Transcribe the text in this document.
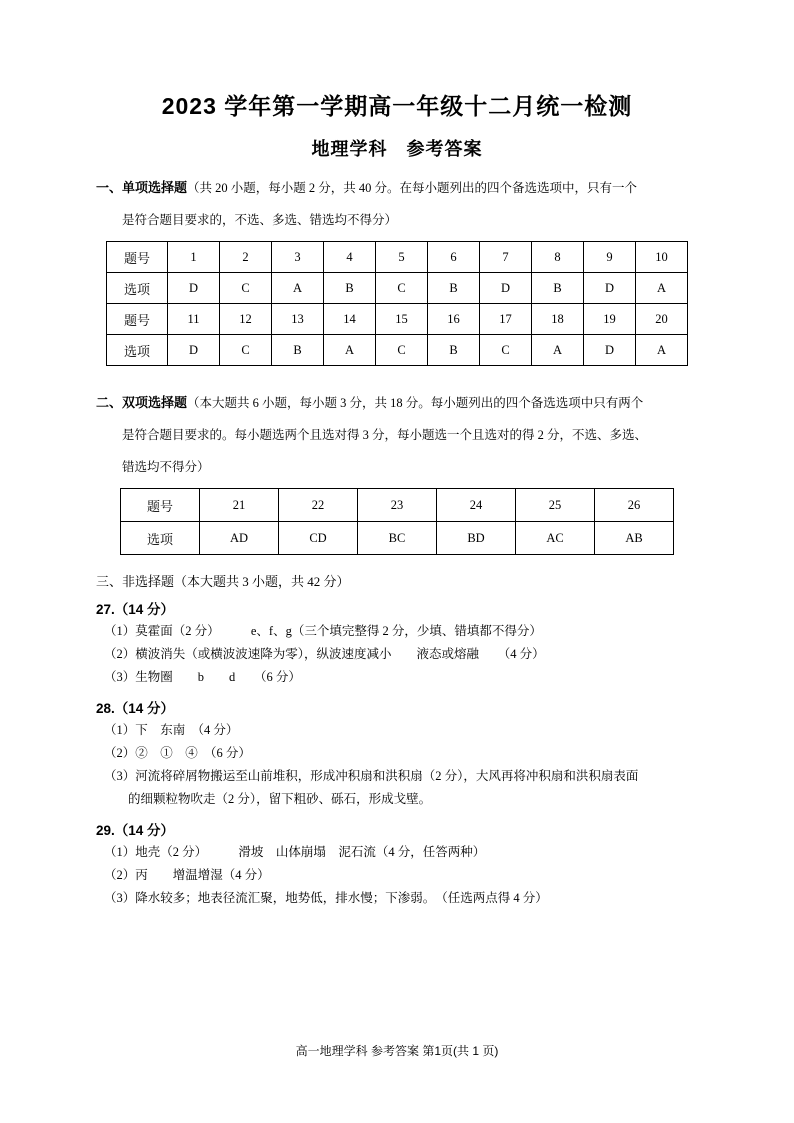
2023 学年第一学期高一年级十二月统一检测
地理学科　参考答案
一、单项选择题（共 20 小题，每小题 2 分，共 40 分。在每小题列出的四个备选选项中，只有一个
是符合题目要求的，不选、多选、错选均不得分）
题号	1	2	3	4	5	6	7	8	9	10
选项	D	C	A	B	C	B	D	B	D	A
题号	11	12	13	14	15	16	17	18	19	20
选项	D	C	B	A	C	B	C	A	D	A
二、双项选择题（本大题共 6 小题，每小题 3 分，共 18 分。每小题列出的四个备选选项中只有两个
是符合题目要求的。每小题选两个且选对得 3 分，每小题选一个且选对的得 2 分，不选、多选、
错选均不得分）
题号	21	22	23	24	25	26
选项	AD	CD	BC	BD	AC	AB
三、非选择题（本大题共 3 小题，共 42 分）
27.（14 分）
（1）莫霍面（2 分）　　　e、f、g（三个填完整得 2 分，少填、错填都不得分）
（2）横波消失（或横波波速降为零），纵波速度减小　　液态或熔融　　（4 分）
（3）生物圈　　b　　d　　（6 分）
28.（14 分）
（1）下　东南　（4 分）
（2）②　①　④　（6 分）
（3）河流将碎屑物搬运至山前堆积，形成冲积扇和洪积扇（2 分），大风再将冲积扇和洪积扇表面
的细颗粒物吹走（2 分），留下粗砂、砾石，形成戈壁。
29.（14 分）
（1）地壳（2 分）　　　滑坡　山体崩塌　泥石流（4 分，任答两种）
（2）丙　　增温增湿（4 分）
（3）降水较多；地表径流汇聚，地势低，排水慢；下渗弱。　（任选两点得 4 分）
高一地理学科 参考答案 第1页(共 1 页)
